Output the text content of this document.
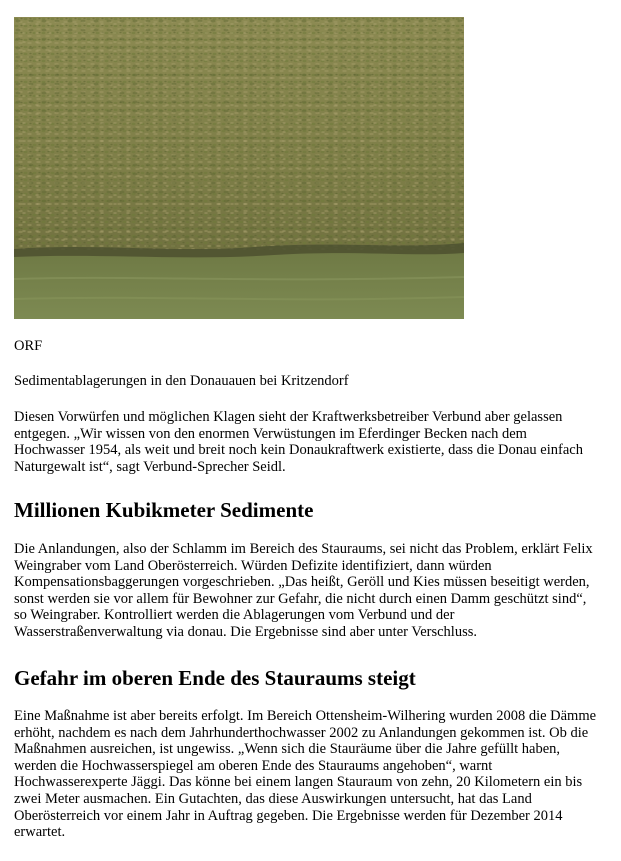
ORF
Sedimentablagerungen in den Donauauen bei Kritzendorf
Diesen Vorwürfen und möglichen Klagen sieht der Kraftwerksbetreiber Verbund aber gelassen entgegen. „Wir wissen von den enormen Verwüstungen im Eferdinger Becken nach dem Hochwasser 1954, als weit und breit noch kein Donaukraftwerk existierte, dass die Donau einfach Naturgewalt ist“, sagt Verbund-Sprecher Seidl.
Millionen Kubikmeter Sedimente
Die Anlandungen, also der Schlamm im Bereich des Stauraums, sei nicht das Problem, erklärt Felix Weingraber vom Land Oberösterreich. Würden Defizite identifiziert, dann würden Kompensationsbaggerungen vorgeschrieben. „Das heißt, Geröll und Kies müssen beseitigt werden, sonst werden sie vor allem für Bewohner zur Gefahr, die nicht durch einen Damm geschützt sind“, so Weingraber. Kontrolliert werden die Ablagerungen vom Verbund und der Wasserstraßenverwaltung via donau. Die Ergebnisse sind aber unter Verschluss.
Gefahr im oberen Ende des Stauraums steigt
Eine Maßnahme ist aber bereits erfolgt. Im Bereich Ottensheim-Wilhering wurden 2008 die Dämme erhöht, nachdem es nach dem Jahrhunderthochwasser 2002 zu Anlandungen gekommen ist. Ob die Maßnahmen ausreichen, ist ungewiss. „Wenn sich die Stauräume über die Jahre gefüllt haben, werden die Hochwasserspiegel am oberen Ende des Stauraums angehoben“, warnt Hochwasserexperte Jäggi. Das könne bei einem langen Stauraum von zehn, 20 Kilometern ein bis zwei Meter ausmachen. Ein Gutachten, das diese Auswirkungen untersucht, hat das Land Oberösterreich vor einem Jahr in Auftrag gegeben. Die Ergebnisse werden für Dezember 2014 erwartet.
